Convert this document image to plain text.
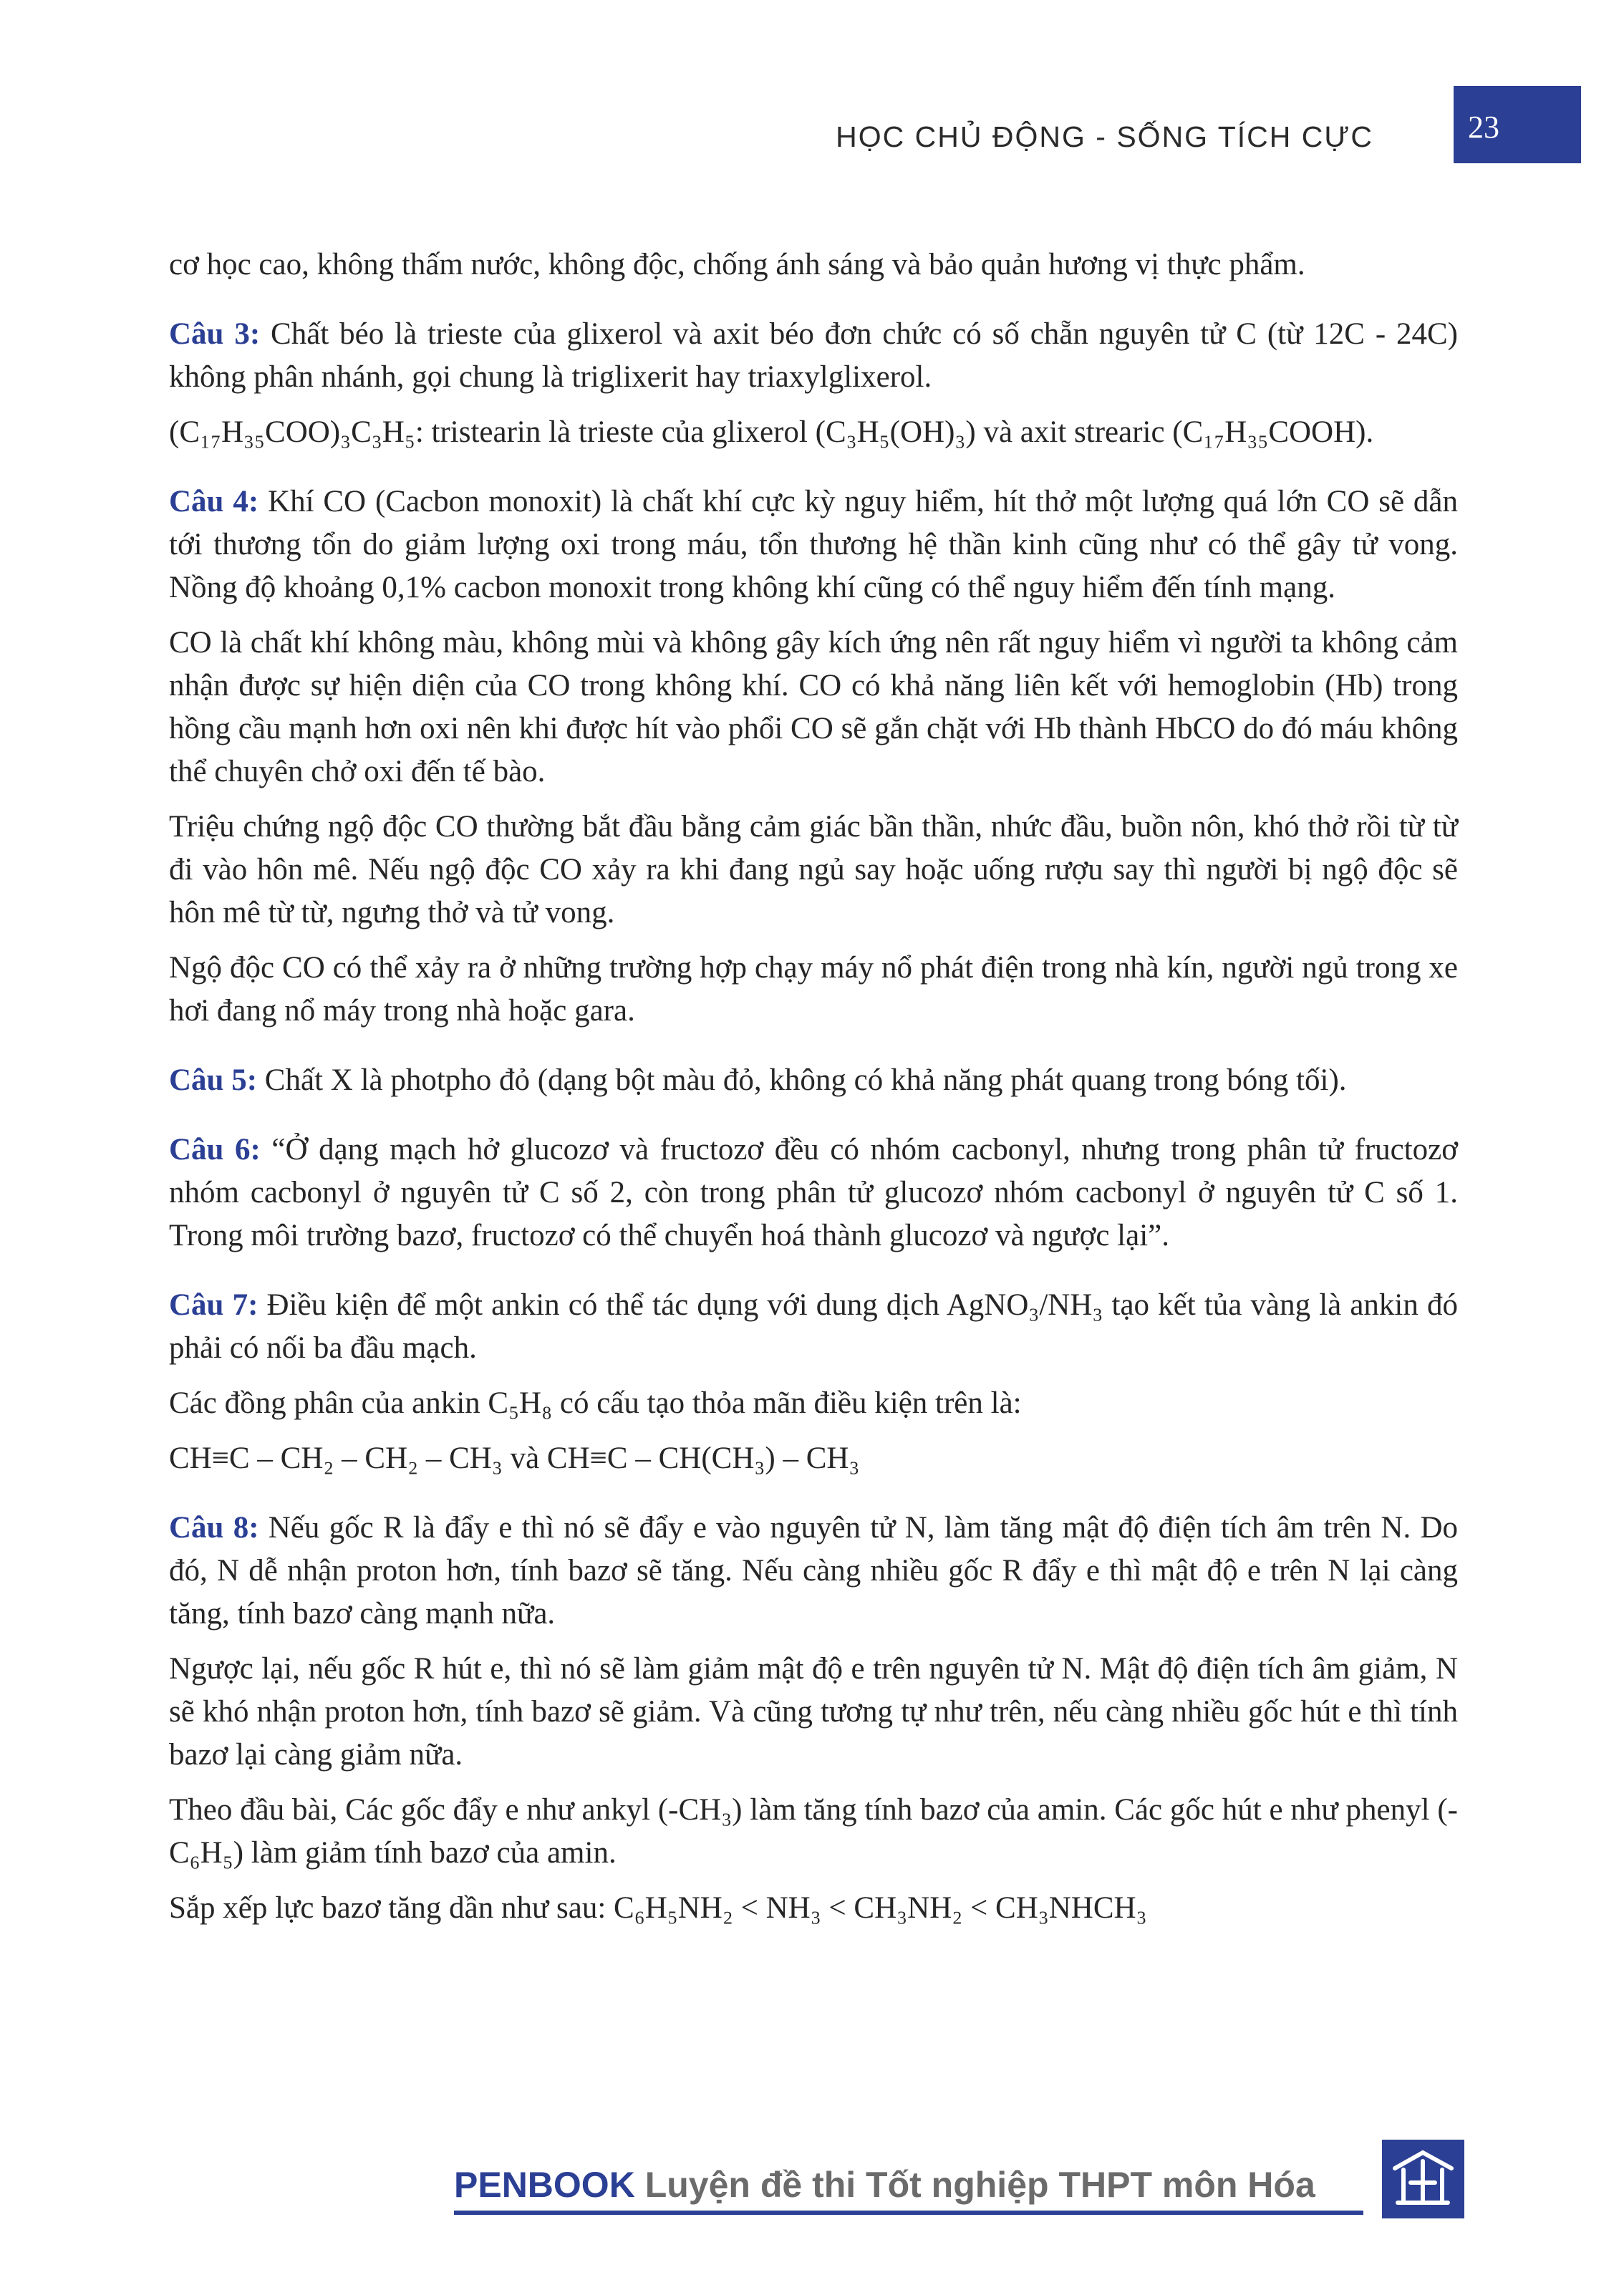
HỌC CHỦ ĐỘNG - SỐNG TÍCH CỰC	23

cơ học cao, không thấm nước, không độc, chống ánh sáng và bảo quản hương vị thực phẩm.

Câu 3: Chất béo là trieste của glixerol và axit béo đơn chức có số chẵn nguyên tử C (từ 12C - 24C) không phân nhánh, gọi chung là triglixerit hay triaxylglixerol.

(C₁₇H₃₅COO)₃C₃H₅: tristearin là trieste của glixerol (C₃H₅(OH)₃) và axit strearic (C₁₇H₃₅COOH).

Câu 4: Khí CO (Cacbon monoxit) là chất khí cực kỳ nguy hiểm, hít thở một lượng quá lớn CO sẽ dẫn tới thương tổn do giảm lượng oxi trong máu, tổn thương hệ thần kinh cũng như có thể gây tử vong. Nồng độ khoảng 0,1% cacbon monoxit trong không khí cũng có thể nguy hiểm đến tính mạng.

CO là chất khí không màu, không mùi và không gây kích ứng nên rất nguy hiểm vì người ta không cảm nhận được sự hiện diện của CO trong không khí. CO có khả năng liên kết với hemoglobin (Hb) trong hồng cầu mạnh hơn oxi nên khi được hít vào phổi CO sẽ gắn chặt với Hb thành HbCO do đó máu không thể chuyên chở oxi đến tế bào.

Triệu chứng ngộ độc CO thường bắt đầu bằng cảm giác bần thần, nhức đầu, buồn nôn, khó thở rồi từ từ đi vào hôn mê. Nếu ngộ độc CO xảy ra khi đang ngủ say hoặc uống rượu say thì người bị ngộ độc sẽ hôn mê từ từ, ngưng thở và tử vong.

Ngộ độc CO có thể xảy ra ở những trường hợp chạy máy nổ phát điện trong nhà kín, người ngủ trong xe hơi đang nổ máy trong nhà hoặc gara.

Câu 5: Chất X là photpho đỏ (dạng bột màu đỏ, không có khả năng phát quang trong bóng tối).

Câu 6: “Ở dạng mạch hở glucozơ và fructozơ đều có nhóm cacbonyl, nhưng trong phân tử fructozơ nhóm cacbonyl ở nguyên tử C số 2, còn trong phân tử glucozơ nhóm cacbonyl ở nguyên tử C số 1. Trong môi trường bazơ, fructozơ có thể chuyển hoá thành glucozơ và ngược lại”.

Câu 7: Điều kiện để một ankin có thể tác dụng với dung dịch AgNO₃/NH₃ tạo kết tủa vàng là ankin đó phải có nối ba đầu mạch.

Các đồng phân của ankin C₅H₈ có cấu tạo thỏa mãn điều kiện trên là:

CH≡C – CH₂ – CH₂ – CH₃ và CH≡C – CH(CH₃) – CH₃

Câu 8: Nếu gốc R là đẩy e thì nó sẽ đẩy e vào nguyên tử N, làm tăng mật độ điện tích âm trên N. Do đó, N dễ nhận proton hơn, tính bazơ sẽ tăng. Nếu càng nhiều gốc R đẩy e thì mật độ e trên N lại càng tăng, tính bazơ càng mạnh nữa.

Ngược lại, nếu gốc R hút e, thì nó sẽ làm giảm mật độ e trên nguyên tử N. Mật độ điện tích âm giảm, N sẽ khó nhận proton hơn, tính bazơ sẽ giảm. Và cũng tương tự như trên, nếu càng nhiều gốc hút e thì tính bazơ lại càng giảm nữa.

Theo đầu bài, Các gốc đẩy e như ankyl (-CH₃) làm tăng tính bazơ của amin. Các gốc hút e như phenyl (-C₆H₅) làm giảm tính bazơ của amin.

Sắp xếp lực bazơ tăng dần như sau: C₆H₅NH₂ < NH₃ < CH₃NH₂ < CH₃NHCH₃

PENBOOK Luyện đề thi Tốt nghiệp THPT môn Hóa
